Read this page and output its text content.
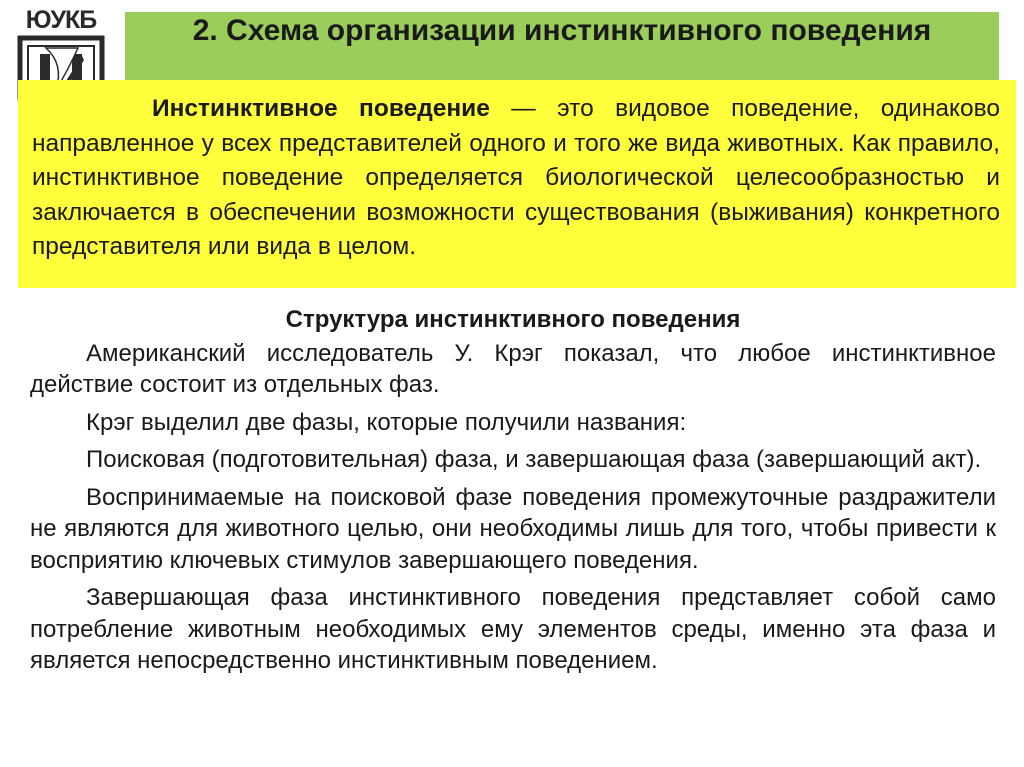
ЮУКБ	2. Схема организации инстинктивного поведения
Инстинктивное поведение — это видовое поведение, одинаково направленное у всех представителей одного и того же вида животных. Как правило, инстинктивное поведение определяется биологической целесообразностью и заключается в обеспечении возможности существования (выживания) конкретного представителя или вида в целом.
Структура инстинктивного поведения

Американский исследователь У. Крэг показал, что любое инстинктивное действие состоит из отдельных фаз.

Крэг выделил две фазы, которые получили названия:

Поисковая (подготовительная) фаза, и завершающая фаза (завершающий акт).

Воспринимаемые на поисковой фазе поведения промежуточные раздражители не являются для животного целью, они необходимы лишь для того, чтобы привести к восприятию ключевых стимулов завершающего поведения.

Завершающая фаза инстинктивного поведения представляет собой само потребление животным необходимых ему элементов среды, именно эта фаза и является непосредственно инстинктивным поведением.
